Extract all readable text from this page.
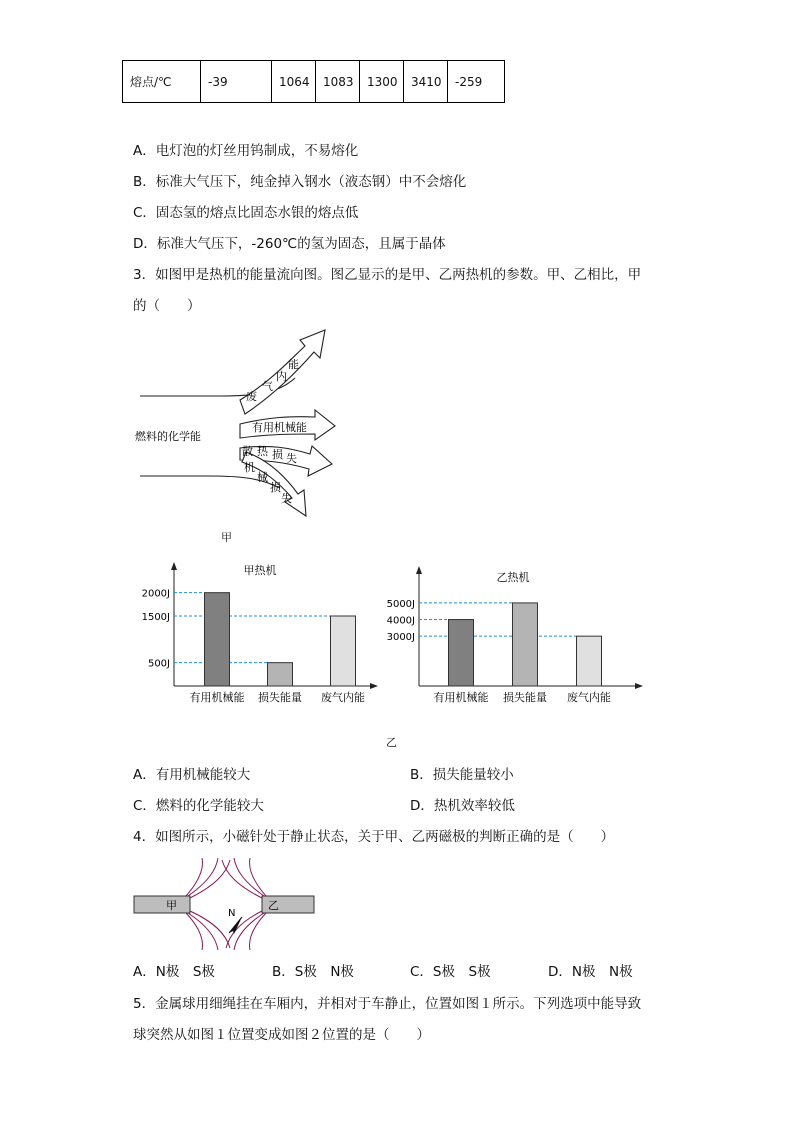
熔点/℃	-39	1064	1083	1300	3410	-259
A．电灯泡的灯丝用钨制成，不易熔化
B．标准大气压下，纯金掉入钢水（液态钢）中不会熔化
C．固态氢的熔点比固态水银的熔点低
D．标准大气压下，-260℃的氢为固态，且属于晶体
3．如图甲是热机的能量流向图。图乙显示的是甲、乙两热机的参数。甲、乙相比，甲
的（　　）
燃料的化学能
废
气
内
能
有用机械能
散 热 损 失
机
械
损
失
甲
甲热机
2000J
1500J
500J
有用机械能 损失能量 废气内能
乙热机
5000J
4000J
3000J
有用机械能 损失能量 废气内能
乙
A．有用机械能较大	B．损失能量较小
C．燃料的化学能较大	D．热机效率较低
4．如图所示，小磁针处于静止状态，关于甲、乙两磁极的判断正确的是（　　）
甲	乙
N
A．N极　S极	B．S极　N极	C．S极　S极	D．N极　N极
5．金属球用细绳挂在车厢内，并相对于车静止，位置如图１所示。下列选项中能导致
球突然从如图１位置变成如图２位置的是（　　）
